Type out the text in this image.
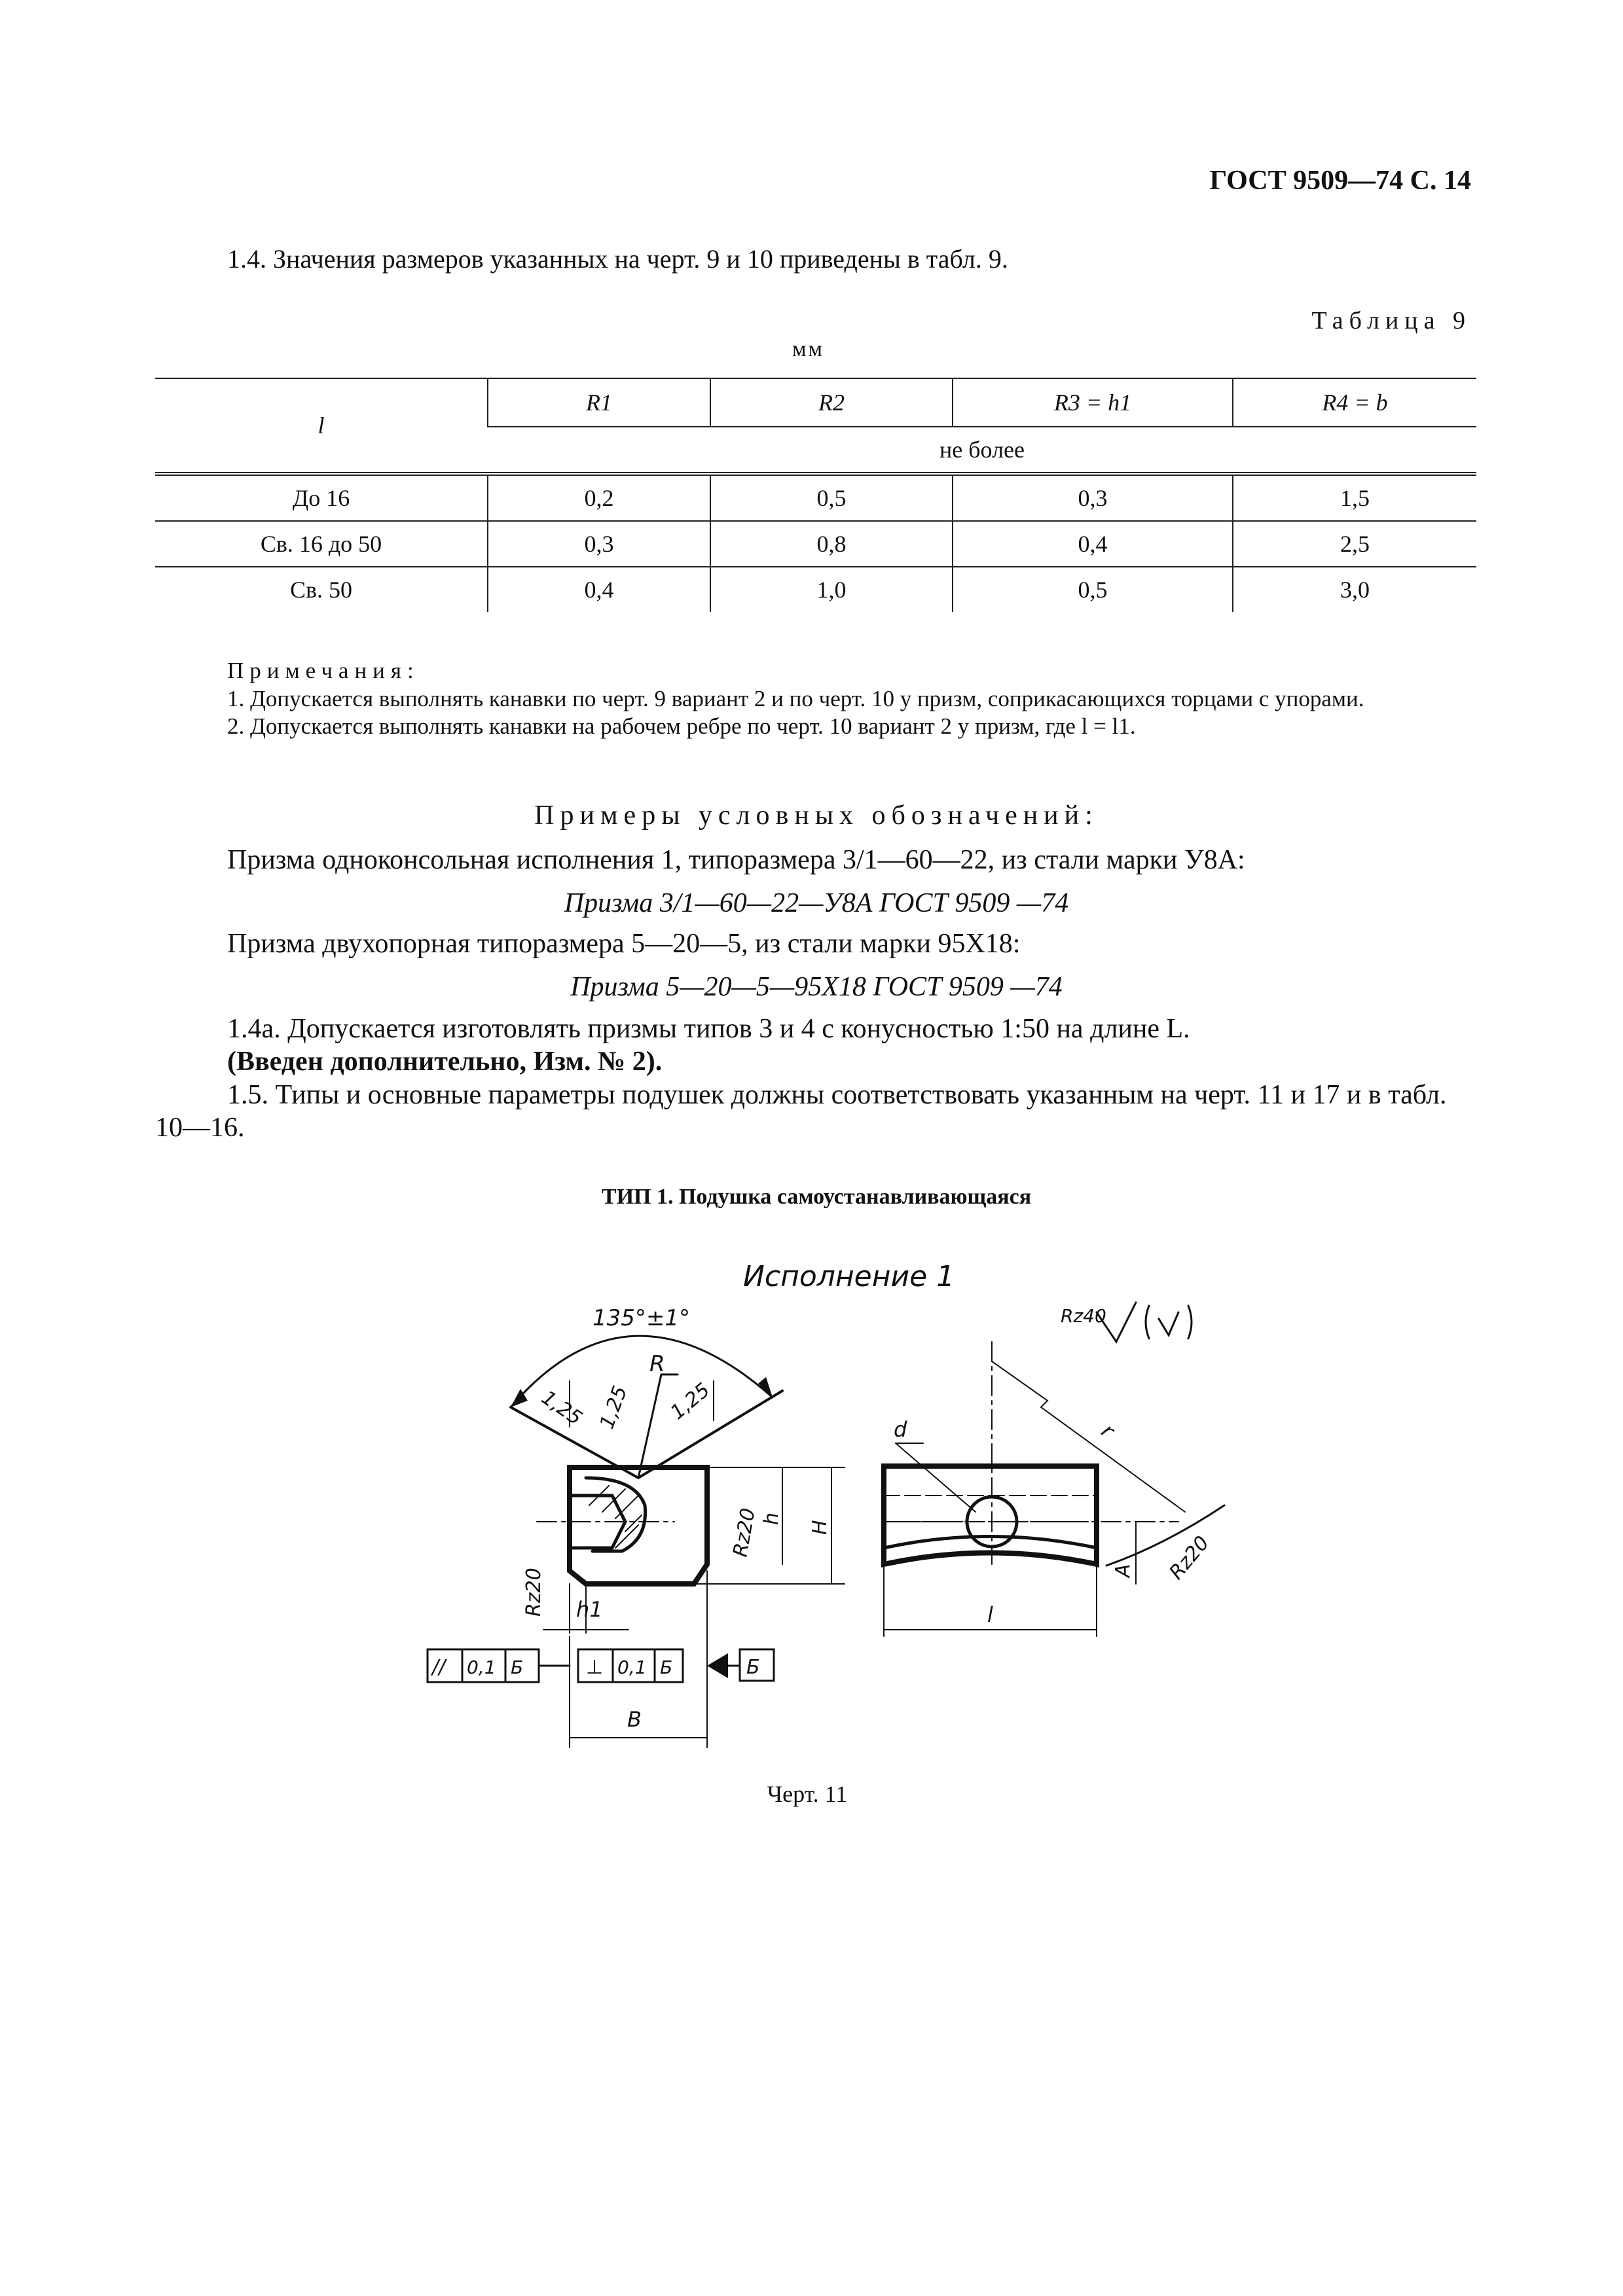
ГОСТ 9509—74 С. 14
1.4. Значения размеров указанных на черт. 9 и 10 приведены в табл. 9.
Таблица 9
мм
l	R1	R2	R3 = h1	R4 = b
	не более			
До 16	0,2	0,5	0,3	1,5
Св. 16 до 50	0,3	0,8	0,4	2,5
Св. 50	0,4	1,0	0,5	3,0
Примечания:
1. Допускается выполнять канавки по черт. 9 вариант 2 и по черт. 10 у призм, соприкасающихся торцами с упорами.
2. Допускается выполнять канавки на рабочем ребре по черт. 10 вариант 2 у призм, где l = l1.
Примеры условных обозначений:
Призма одноконсольная исполнения 1, типоразмера 3/1—60—22, из стали марки У8А:
Призма 3/1—60—22—У8А ГОСТ 9509 —74
Призма двухопорная типоразмера 5—20—5, из стали марки 95Х18:
Призма 5—20—5—95Х18 ГОСТ 9509 —74
1.4а. Допускается изготовлять призмы типов 3 и 4 с конусностью 1:50 на длине L.
(Введен дополнительно, Изм. № 2).
1.5. Типы и основные параметры подушек должны соответствовать указанным на черт. 11 и 17 и в табл. 10—16.
ТИП 1. Подушка самоустанавливающаяся
Исполнение 1
135°±1°
R
1,25 1,25 1,25
Rz20 h
H
Rz20 h1
B
// 0,1 Б	⊥ 0,1 Б	Б
d	r
Rz20
A
l
Rz40
Черт. 11
